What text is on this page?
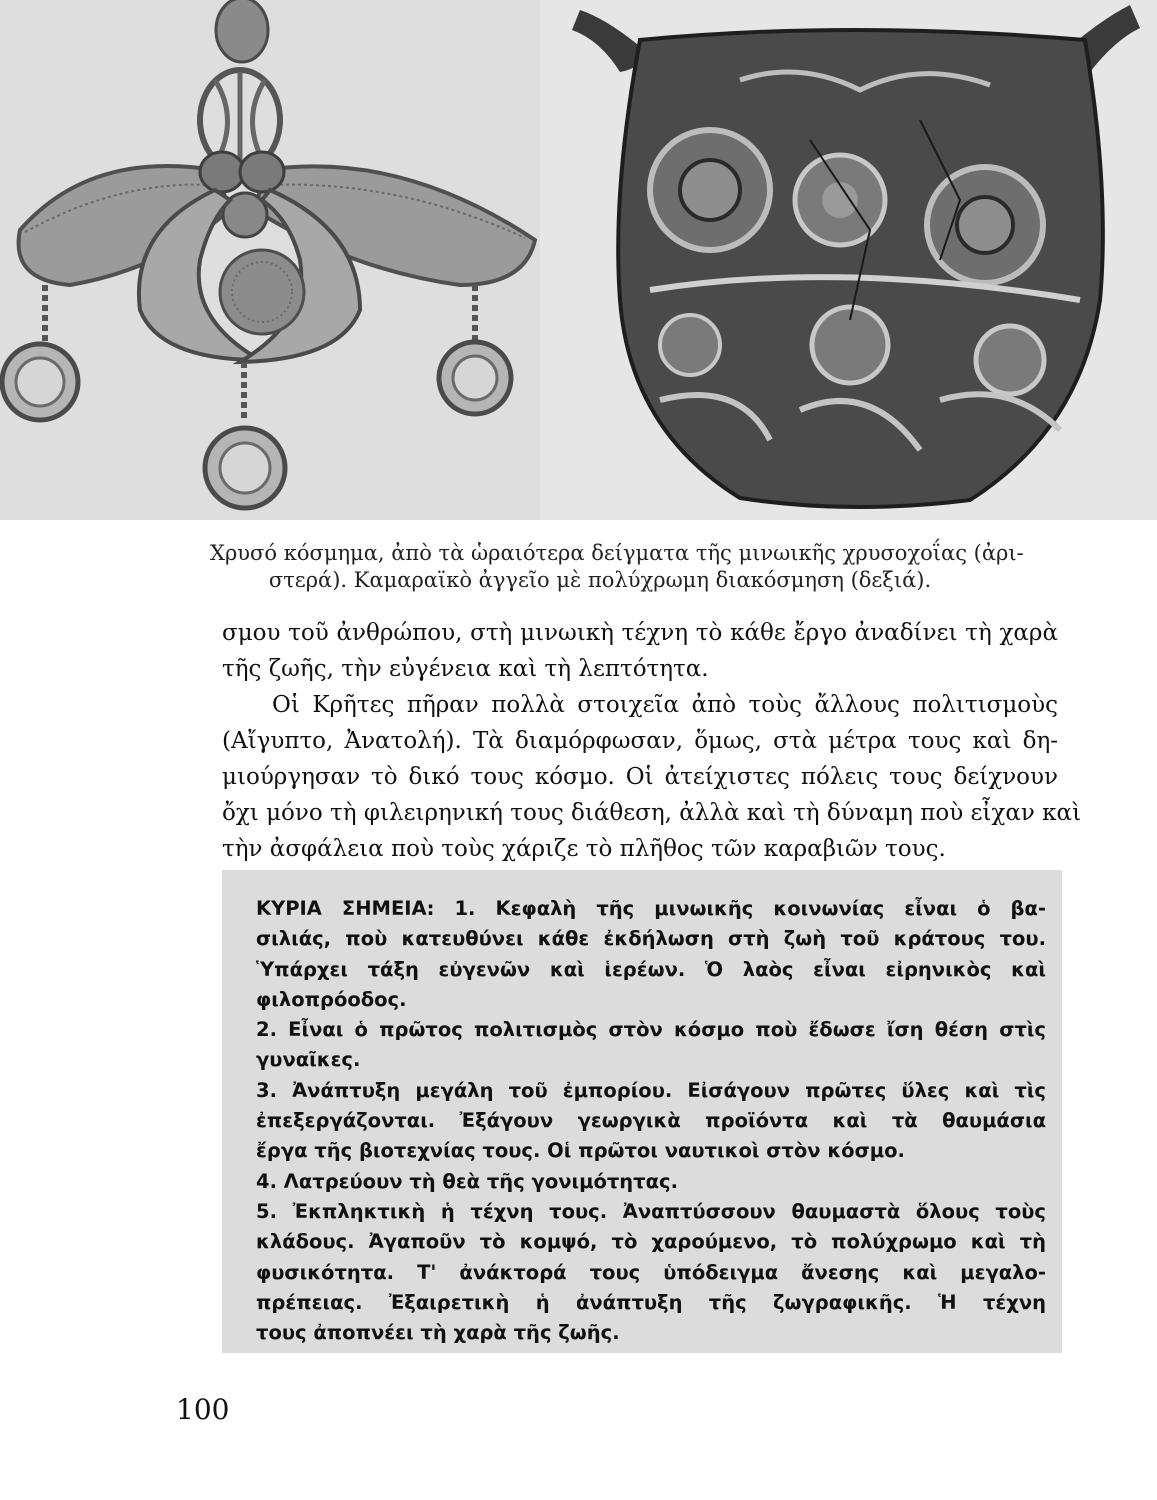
Χρυσό κόσμημα, ἀπὸ τὰ ὡραιότερα δείγματα τῆς μινωικῆς χρυσοχοΐας (ἀρι-
στερά). Καμαραϊκὸ ἀγγεῖο μὲ πολύχρωμη διακόσμηση (δεξιά).
σμου τοῦ ἀνθρώπου, στὴ μινωικὴ τέχνη τὸ κάθε ἔργο ἀναδίνει τὴ χαρὰ
τῆς ζωῆς, τὴν εὐγένεια καὶ τὴ λεπτότητα.
Οἱ Κρῆτες πῆραν πολλὰ στοιχεῖα ἀπὸ τοὺς ἄλλους πολιτισμοὺς
(Αἴγυπτο, Ἀνατολή). Τὰ διαμόρφωσαν, ὅμως, στὰ μέτρα τους καὶ δη-
μιούργησαν τὸ δικό τους κόσμο. Οἱ ἀτείχιστες πόλεις τους δείχνουν
ὄχι μόνο τὴ φιλειρηνική τους διάθεση, ἀλλὰ καὶ τὴ δύναμη ποὺ εἶχαν καὶ
τὴν ἀσφάλεια ποὺ τοὺς χάριζε τὸ πλῆθος τῶν καραβιῶν τους.
ΚΥΡΙΑ ΣΗΜΕΙΑ: 1. Κεφαλὴ τῆς μινωικῆς κοινωνίας εἶναι ὁ βα-
σιλιάς, ποὺ κατευθύνει κάθε ἐκδήλωση στὴ ζωὴ τοῦ κράτους του.
Ὑπάρχει τάξη εὐγενῶν καὶ ἱερέων. Ὁ λαὸς εἶναι εἰρηνικὸς καὶ
φιλοπρόοδος.
2. Εἶναι ὁ πρῶτος πολιτισμὸς στὸν κόσμο ποὺ ἔδωσε ἴση θέση στὶς
γυναῖκες.
3. Ἀνάπτυξη μεγάλη τοῦ ἐμπορίου. Εἰσάγουν πρῶτες ὕλες καὶ τὶς
ἐπεξεργάζονται. Ἐξάγουν γεωργικὰ προϊόντα καὶ τὰ θαυμάσια
ἔργα τῆς βιοτεχνίας τους. Οἱ πρῶτοι ναυτικοὶ στὸν κόσμο.
4. Λατρεύουν τὴ θεὰ τῆς γονιμότητας.
5. Ἐκπληκτικὴ ἡ τέχνη τους. Ἀναπτύσσουν θαυμαστὰ ὅλους τοὺς
κλάδους. Ἀγαποῦν τὸ κομψό, τὸ χαρούμενο, τὸ πολύχρωμο καὶ τὴ
φυσικότητα. Τ' ἀνάκτορά τους ὑπόδειγμα ἄνεσης καὶ μεγαλο-
πρέπειας. Ἐξαιρετικὴ ἡ ἀνάπτυξη τῆς ζωγραφικῆς. Ἡ τέχνη
τους ἀποπνέει τὴ χαρὰ τῆς ζωῆς.
100
